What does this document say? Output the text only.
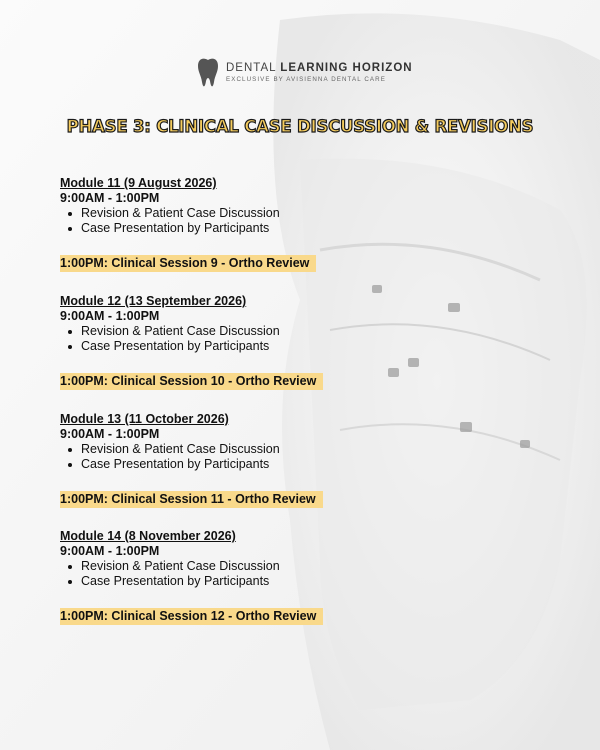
DENTAL LEARNING HORIZON
EXCLUSIVE BY AVISIENNA DENTAL CARE
PHASE 3: CLINICAL CASE DISCUSSION & REVISIONS
Module 11 (9 August 2026)
9:00AM - 1:00PM
Revision & Patient Case Discussion
Case Presentation by Participants
1:00PM: Clinical Session 9 - Ortho Review
Module 12 (13 September 2026)
9:00AM - 1:00PM
Revision & Patient Case Discussion
Case Presentation by Participants
1:00PM: Clinical Session 10 - Ortho Review
Module 13 (11 October 2026)
9:00AM - 1:00PM
Revision & Patient Case Discussion
Case Presentation by Participants
1:00PM: Clinical Session 11 - Ortho Review
Module 14 (8 November 2026)
9:00AM - 1:00PM
Revision & Patient Case Discussion
Case Presentation by Participants
1:00PM: Clinical Session 12 - Ortho Review
